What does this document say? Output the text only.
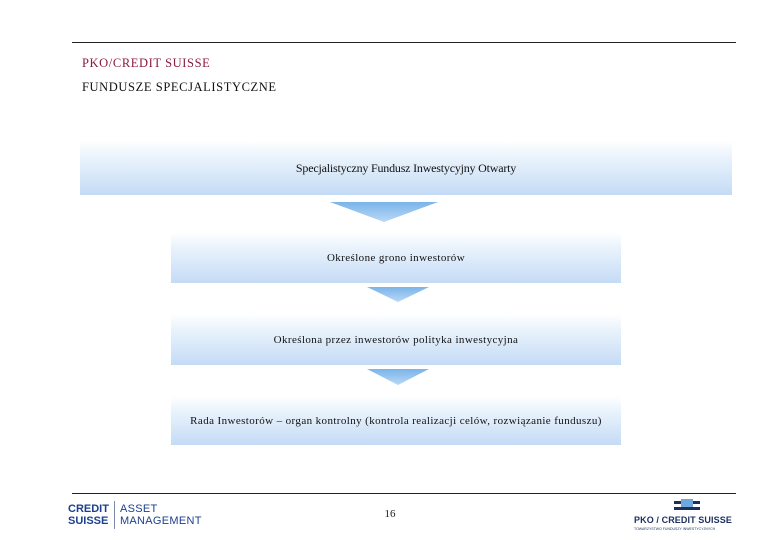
PKO/CREDIT SUISSE
FUNDUSZE SPECJALISTYCZNE
Specjalistyczny Fundusz Inwestycyjny Otwarty
Określone grono inwestorów
Określona przez inwestorów polityka inwestycyjna
Rada Inwestorów – organ kontrolny (kontrola realizacji celów, rozwiązanie funduszu)
16
CREDIT
SUISSE
ASSET
MANAGEMENT	PKO / CREDIT SUISSE
TOWARZYSTWO FUNDUSZY INWESTYCYJNYCH
